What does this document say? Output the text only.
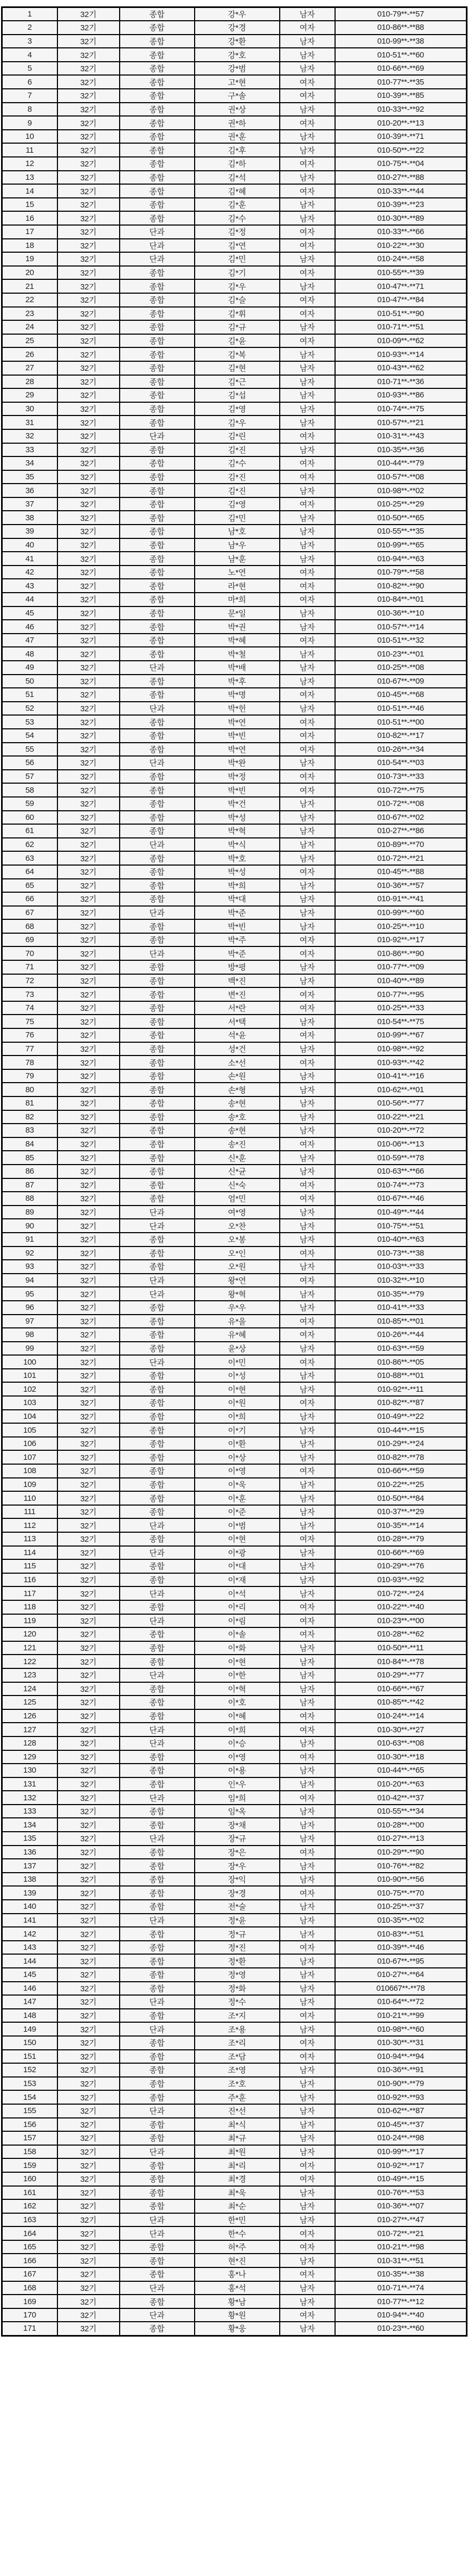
1	32기	종합	강*우	남자	010-79**-**57
2	32기	종합	강*경	여자	010-86**-**88
3	32기	종합	강*환	남자	010-99**-**38
4	32기	종합	강*호	남자	010-51**-**60
5	32기	종합	강*범	남자	010-66**-**69
6	32기	종합	고*현	여자	010-77**-**35
7	32기	종합	구*솔	여자	010-39**-**85
8	32기	종합	권*상	남자	010-33**-**92
9	32기	종합	권*하	여자	010-20**-**13
10	32기	종합	권*훈	남자	010-39**-**71
11	32기	종합	김*후	남자	010-50**-**22
12	32기	종합	김*하	여자	010-75**-**04
13	32기	종합	김*석	남자	010-27**-**88
14	32기	종합	김*혜	여자	010-33**-**44
15	32기	종합	김*훈	남자	010-39**-**23
16	32기	종합	김*수	남자	010-30**-**89
17	32기	단과	김*정	여자	010-33**-**66
18	32기	단과	김*연	여자	010-22**-**30
19	32기	단과	김*민	남자	010-24**-**58
20	32기	종합	김*기	여자	010-55**-**39
21	32기	종합	김*우	남자	010-47**-**71
22	32기	종합	김*슬	여자	010-47**-**84
23	32기	종합	김*휘	여자	010-51**-**90
24	32기	종합	김*규	남자	010-71**-**51
25	32기	종합	김*윤	여자	010-09**-**62
26	32기	종합	김*복	남자	010-93**-**14
27	32기	종합	김*현	남자	010-43**-**62
28	32기	종합	김*근	남자	010-71**-**36
29	32기	종합	김*섭	남자	010-93**-**86
30	32기	종합	김*영	남자	010-74**-**75
31	32기	종합	김*우	남자	010-57**-**21
32	32기	단과	김*린	여자	010-31**-**43
33	32기	종합	김*진	남자	010-35**-**36
34	32기	종합	김*수	여자	010-44**-**79
35	32기	종합	김*진	여자	010-57**-**08
36	32기	종합	김*진	남자	010-98**-**02
37	32기	종합	김*영	여자	010-25**-**29
38	32기	종합	김*민	남자	010-50**-**65
39	32기	종합	남*호	남자	010-55**-**35
40	32기	종합	남*우	남자	010-99**-**65
41	32기	종합	남*훈	남자	010-94**-**63
42	32기	종합	노*연	여자	010-79**-**58
43	32기	종합	라*현	여자	010-82**-**90
44	32기	종합	마*희	여자	010-84**-**01
45	32기	종합	문*일	남자	010-36**-**10
46	32기	종합	박*권	남자	010-57**-**14
47	32기	종합	박*혜	여자	010-51**-**32
48	32기	종합	박*철	남자	010-23**-**01
49	32기	단과	박*배	남자	010-25**-**08
50	32기	종합	박*후	남자	010-67**-**09
51	32기	종합	박*명	여자	010-45**-**68
52	32기	단과	박*헌	남자	010-51**-**46
53	32기	종합	박*연	여자	010-51**-**00
54	32기	종합	박*빈	여자	010-82**-**17
55	32기	종합	박*연	여자	010-26**-**34
56	32기	단과	박*완	남자	010-54**-**03
57	32기	종합	박*정	여자	010-73**-**33
58	32기	종합	박*빈	여자	010-72**-**75
59	32기	종합	박*건	남자	010-72**-**08
60	32기	종합	박*성	남자	010-67**-**02
61	32기	종합	박*혁	남자	010-27**-**86
62	32기	단과	박*식	남자	010-89**-**70
63	32기	종합	박*호	남자	010-72**-**21
64	32기	종합	박*성	여자	010-45**-**88
65	32기	종합	박*희	남자	010-36**-**57
66	32기	종합	박*대	남자	010-91**-**41
67	32기	단과	박*준	남자	010-99**-**60
68	32기	종합	박*빈	남자	010-25**-**10
69	32기	종합	박*주	여자	010-92**-**17
70	32기	단과	박*준	여자	010-86**-**90
71	32기	종합	방*평	남자	010-77**-**09
72	32기	종합	백*진	남자	010-40**-**89
73	32기	종합	변*진	여자	010-77**-**95
74	32기	종합	서*란	여자	010-25**-**33
75	32기	종합	서*택	남자	010-54**-**75
76	32기	종합	석*윤	여자	010-99**-**67
77	32기	종합	성*건	남자	010-98**-**92
78	32기	종합	소*선	여자	010-93**-**42
79	32기	종합	손*원	남자	010-41**-**16
80	32기	종합	손*형	남자	010-62**-**01
81	32기	종합	송*현	남자	010-56**-**77
82	32기	종합	송*호	남자	010-22**-**21
83	32기	종합	송*현	남자	010-20**-**72
84	32기	종합	송*진	여자	010-06**-**13
85	32기	종합	신*훈	남자	010-59**-**78
86	32기	종합	신*균	남자	010-63**-**66
87	32기	종합	신*숙	여자	010-74**-**73
88	32기	종합	엄*민	여자	010-67**-**46
89	32기	단과	여*영	남자	010-49**-**44
90	32기	단과	오*찬	남자	010-75**-**51
91	32기	종합	오*봉	남자	010-40**-**63
92	32기	종합	오*인	여자	010-73**-**38
93	32기	종합	오*원	남자	010-03**-**33
94	32기	단과	왕*연	여자	010-32**-**10
95	32기	단과	왕*혁	남자	010-35**-**79
96	32기	종합	우*우	남자	010-41**-**33
97	32기	종합	유*을	여자	010-85**-**01
98	32기	종합	유*혜	여자	010-26**-**44
99	32기	종합	윤*상	남자	010-63**-**59
100	32기	단과	이*민	여자	010-86**-**05
101	32기	종합	이*성	남자	010-88**-**01
102	32기	종합	이*현	남자	010-92**-**11
103	32기	종합	이*원	여자	010-82**-**87
104	32기	종합	이*희	남자	010-49**-**22
105	32기	종합	이*기	남자	010-44**-**15
106	32기	종합	이*환	남자	010-29**-**24
107	32기	종합	이*상	남자	010-82**-**78
108	32기	종합	이*영	여자	010-66**-**59
109	32기	종합	이*욱	남자	010-22**-**25
110	32기	종합	이*훈	남자	010-50**-**84
111	32기	종합	이*준	남자	010-37**-**29
112	32기	단과	이*범	남자	010-35**-**14
113	32기	종합	이*현	여자	010-28**-**79
114	32기	단과	이*광	남자	010-66**-**69
115	32기	종합	이*대	남자	010-29**-**76
116	32기	종합	이*재	남자	010-93**-**92
117	32기	단과	이*석	남자	010-72**-**24
118	32기	종합	이*리	여자	010-22**-**40
119	32기	단과	이*림	여자	010-23**-**00
120	32기	종합	이*솔	여자	010-28**-**62
121	32기	종합	이*화	남자	010-50**-**11
122	32기	종합	이*현	남자	010-84**-**78
123	32기	단과	이*한	남자	010-29**-**77
124	32기	종합	이*혁	남자	010-66**-**67
125	32기	종합	이*호	남자	010-85**-**42
126	32기	종합	이*혜	여자	010-24**-**14
127	32기	단과	이*희	여자	010-30**-**27
128	32기	단과	이*승	남자	010-63**-**08
129	32기	종합	이*영	여자	010-30**-**18
130	32기	종합	이*용	남자	010-44**-**65
131	32기	종합	인*우	남자	010-20**-**63
132	32기	단과	임*희	여자	010-42**-**37
133	32기	종합	임*옥	남자	010-55**-**34
134	32기	종합	장*채	남자	010-28**-**00
135	32기	단과	장*규	남자	010-27**-**13
136	32기	종합	장*은	여자	010-29**-**90
137	32기	종합	장*우	남자	010-76**-**82
138	32기	종합	장*익	남자	010-90**-**56
139	32기	종합	장*경	여자	010-75**-**70
140	32기	종합	전*술	남자	010-25**-**37
141	32기	단과	정*윤	남자	010-35**-**02
142	32기	종합	정*규	남자	010-83**-**51
143	32기	종합	정*진	여자	010-39**-**46
144	32기	종합	정*환	남자	010-67**-**95
145	32기	종합	정*영	남자	010-27**-**64
146	32기	종합	정*화	남자	010667**-**78
147	32기	단과	정*수	남자	010-64**-**72
148	32기	종합	조*지	여자	010-21**-**99
149	32기	단과	조*용	남자	010-98**-**60
150	32기	종합	조*리	여자	010-30**-**31
151	32기	종합	조*담	여자	010-94**-**94
152	32기	종합	조*영	남자	010-36**-**91
153	32기	종합	조*호	남자	010-90**-**79
154	32기	종합	주*훈	남자	010-92**-**93
155	32기	단과	진*선	남자	010-62**-**87
156	32기	종합	최*식	남자	010-45**-**37
157	32기	종합	최*규	남자	010-24**-**98
158	32기	단과	최*원	남자	010-99**-**17
159	32기	종합	최*리	여자	010-92**-**17
160	32기	종합	최*경	여자	010-49**-**15
161	32기	종합	최*욱	남자	010-76**-**53
162	32기	종합	최*순	남자	010-36**-**07
163	32기	단과	한*민	남자	010-27**-**47
164	32기	단과	한*수	여자	010-72**-**21
165	32기	종합	허*주	여자	010-21**-**98
166	32기	종합	현*진	남자	010-31**-**51
167	32기	종합	홍*나	여자	010-35**-**38
168	32기	단과	홍*석	남자	010-71**-**74
169	32기	종합	황*남	남자	010-77**-**12
170	32기	단과	황*원	여자	010-94**-**40
171	32기	종합	황*웅	남자	010-23**-**60
